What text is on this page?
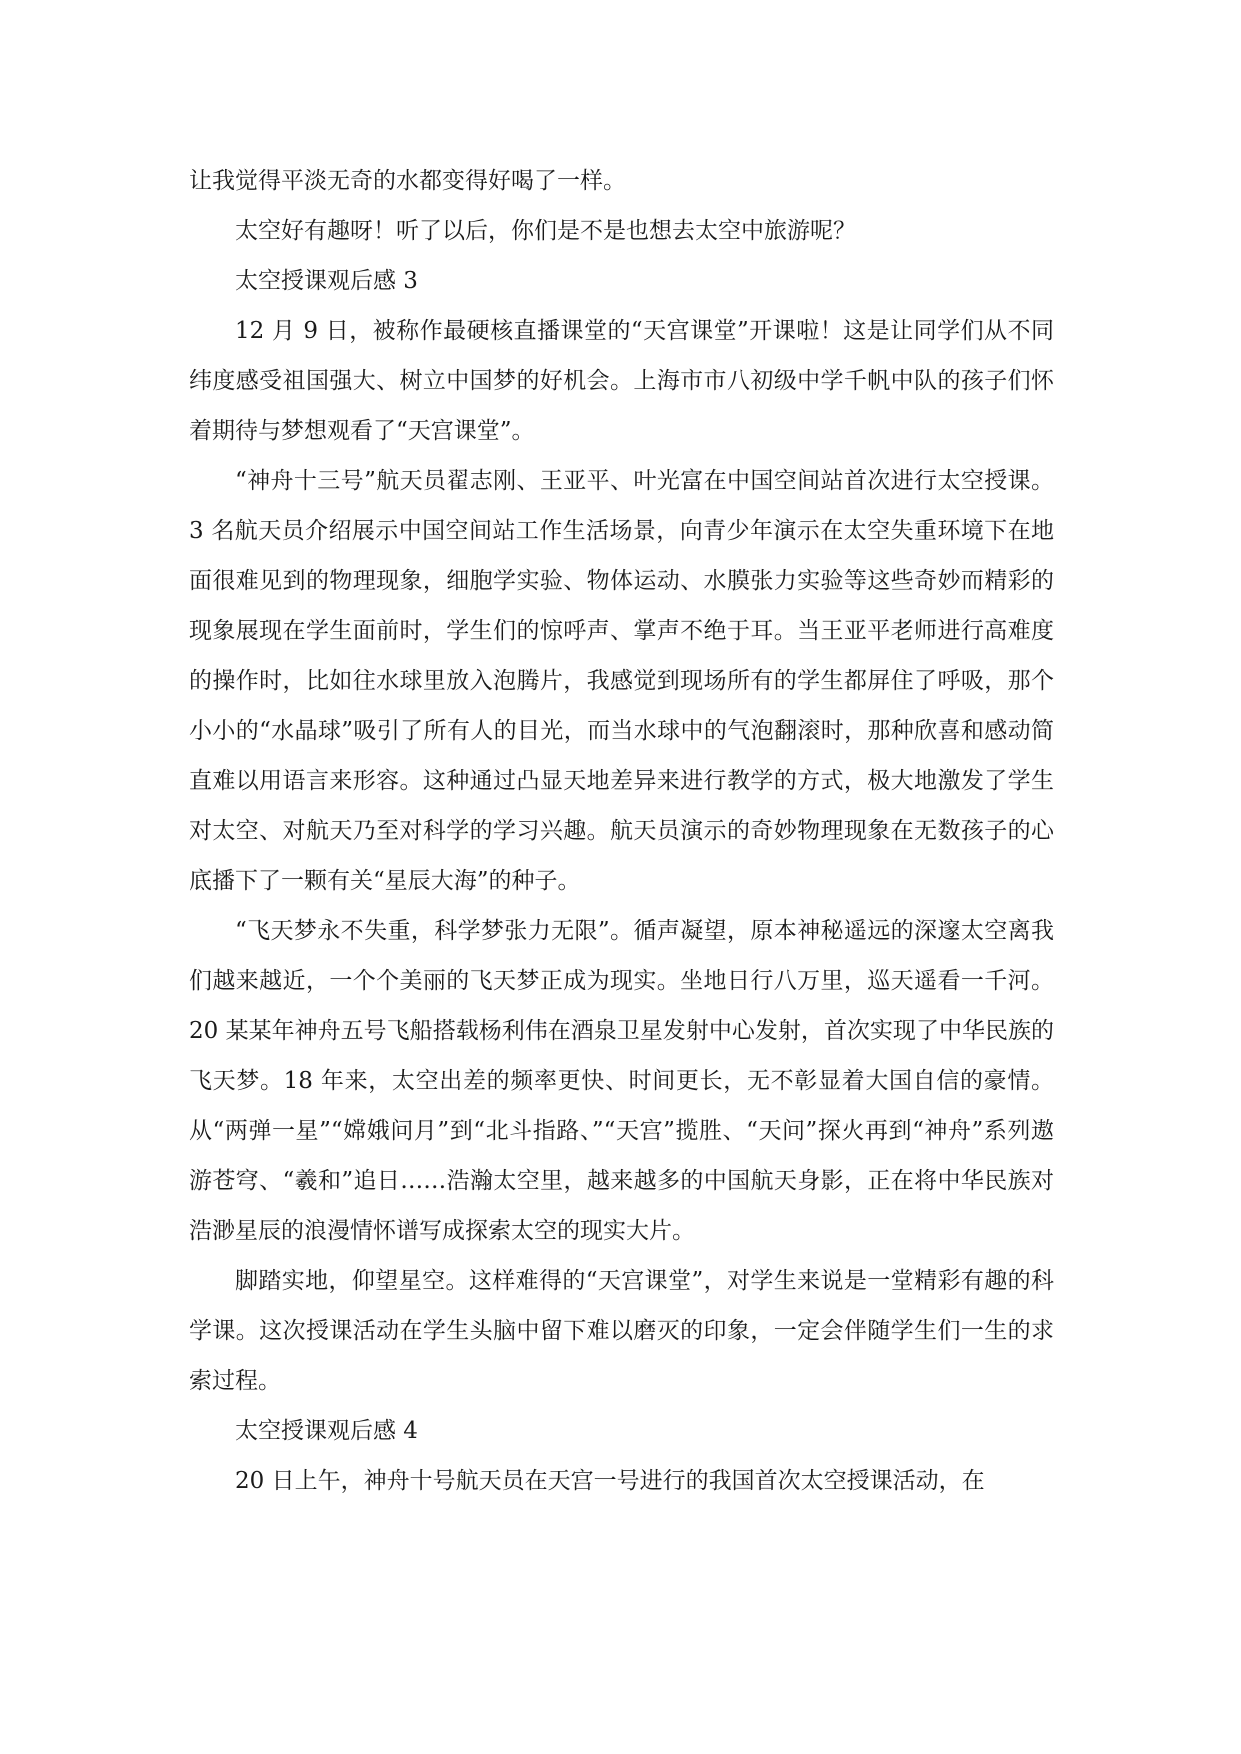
让我觉得平淡无奇的水都变得好喝了一样。

太空好有趣呀！听了以后，你们是不是也想去太空中旅游呢？

太空授课观后感 3

12 月 9 日，被称作最硬核直播课堂的“天宫课堂”开课啦！这是让同学们从不同纬度感受祖国强大、树立中国梦的好机会。上海市市八初级中学千帆中队的孩子们怀着期待与梦想观看了“天宫课堂”。

“神舟十三号”航天员翟志刚、王亚平、叶光富在中国空间站首次进行太空授课。3 名航天员介绍展示中国空间站工作生活场景，向青少年演示在太空失重环境下在地面很难见到的物理现象，细胞学实验、物体运动、水膜张力实验等这些奇妙而精彩的现象展现在学生面前时，学生们的惊呼声、掌声不绝于耳。当王亚平老师进行高难度的操作时，比如往水球里放入泡腾片，我感觉到现场所有的学生都屏住了呼吸，那个小小的“水晶球”吸引了所有人的目光，而当水球中的气泡翻滚时，那种欣喜和感动简直难以用语言来形容。这种通过凸显天地差异来进行教学的方式，极大地激发了学生对太空、对航天乃至对科学的学习兴趣。航天员演示的奇妙物理现象在无数孩子的心底播下了一颗有关“星辰大海”的种子。

“飞天梦永不失重，科学梦张力无限”。循声凝望，原本神秘遥远的深邃太空离我们越来越近，一个个美丽的飞天梦正成为现实。坐地日行八万里，巡天遥看一千河。20 某某年神舟五号飞船搭载杨利伟在酒泉卫星发射中心发射，首次实现了中华民族的飞天梦。18 年来，太空出差的频率更快、时间更长，无不彰显着大国自信的豪情。从“两弹一星”“嫦娥问月”到“北斗指路、”“天宫”揽胜、“天问”探火再到“神舟”系列遨游苍穹、“羲和”追日……浩瀚太空里，越来越多的中国航天身影，正在将中华民族对浩渺星辰的浪漫情怀谱写成探索太空的现实大片。

脚踏实地，仰望星空。这样难得的“天宫课堂”，对学生来说是一堂精彩有趣的科学课。这次授课活动在学生头脑中留下难以磨灭的印象，一定会伴随学生们一生的求索过程。

太空授课观后感 4

20 日上午，神舟十号航天员在天宫一号进行的我国首次太空授课活动，在
